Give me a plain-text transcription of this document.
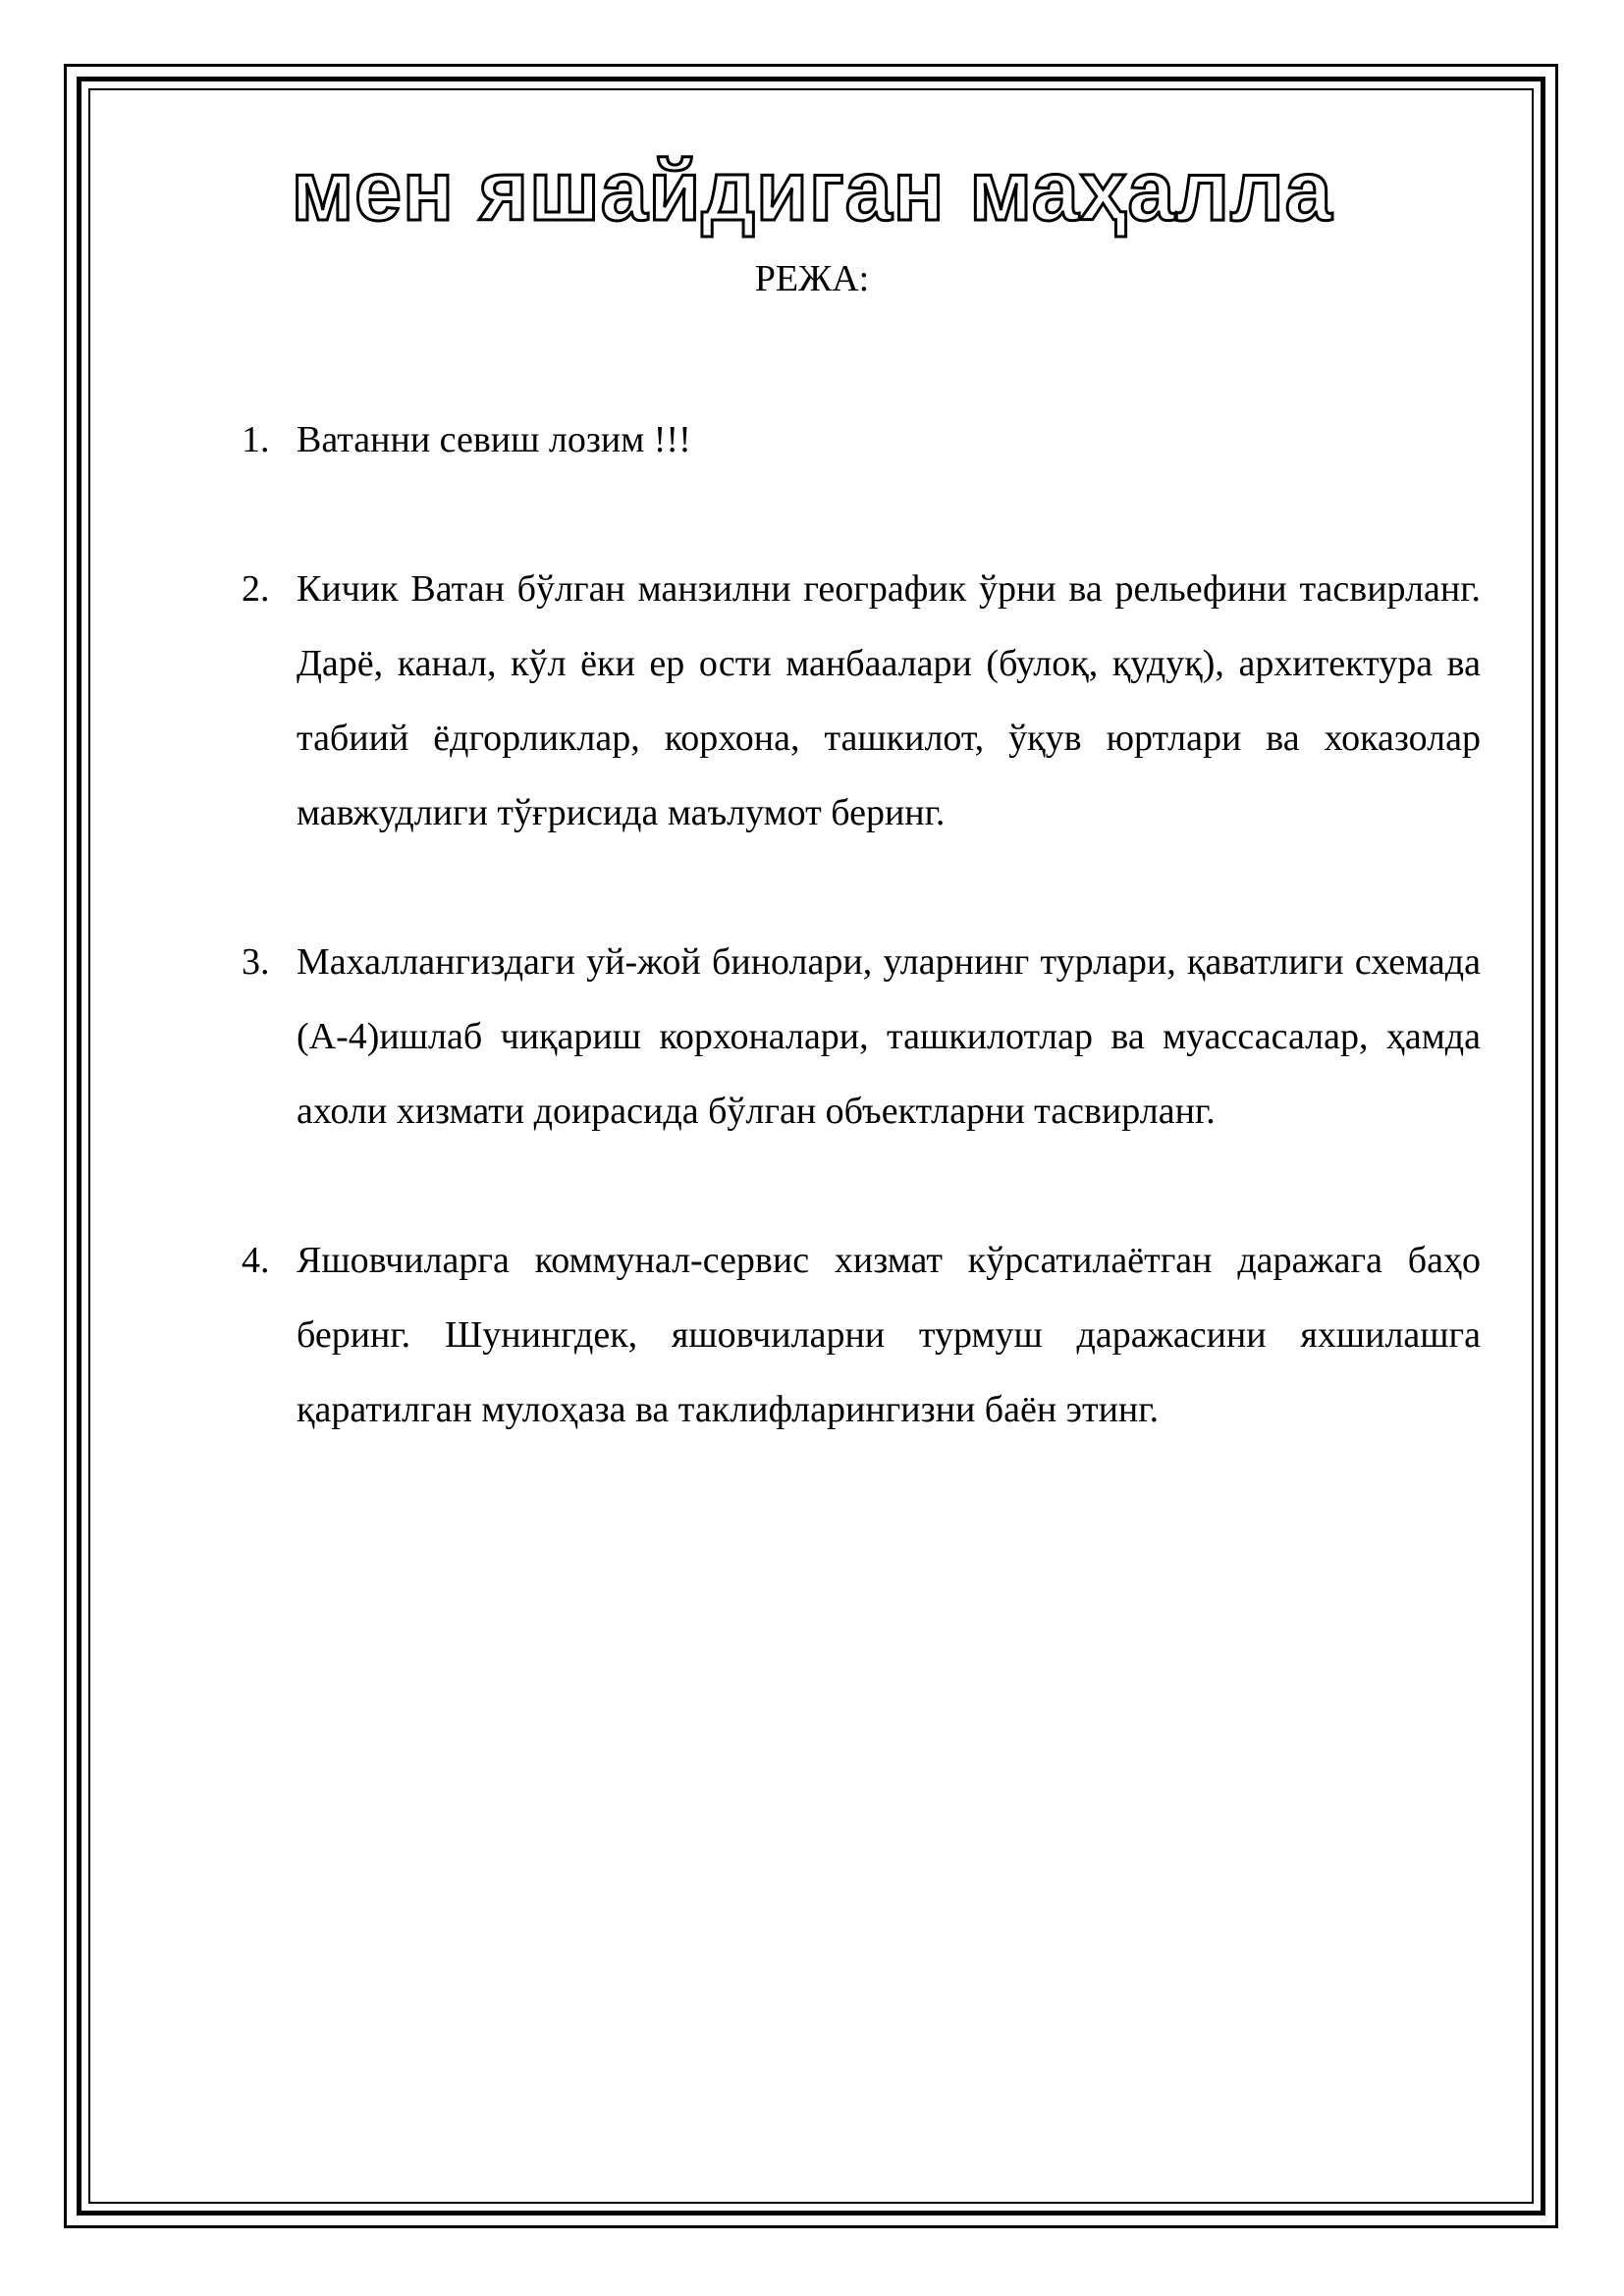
мен яшайдиган маҳалла
РЕЖА:
1. Ватанни севиш лозим !!!
2. Кичик Ватан бўлган манзилни географик ўрни ва рельефини тасвирланг. Дарё, канал, кўл ёки ер ости манбаалари (булоқ, қудуқ), архитектура ва табиий ёдгорликлар, корхона, ташкилот, ўқув юртлари ва хоказолар мавжудлиги тўғрисида маълумот беринг.
3. Махаллангиздаги уй-жой бинолари, уларнинг турлари, қаватлиги схемада (А-4)ишлаб чиқариш корхоналари, ташкилотлар ва муассасалар, ҳамда ахоли хизмати доирасида бўлган объектларни тасвирланг.
4. Яшовчиларга коммунал-сервис хизмат кўрсатилаётган даражага баҳо беринг. Шунингдек, яшовчиларни турмуш даражасини яхшилашга қаратилган мулоҳаза ва таклифларингизни баён этинг.
